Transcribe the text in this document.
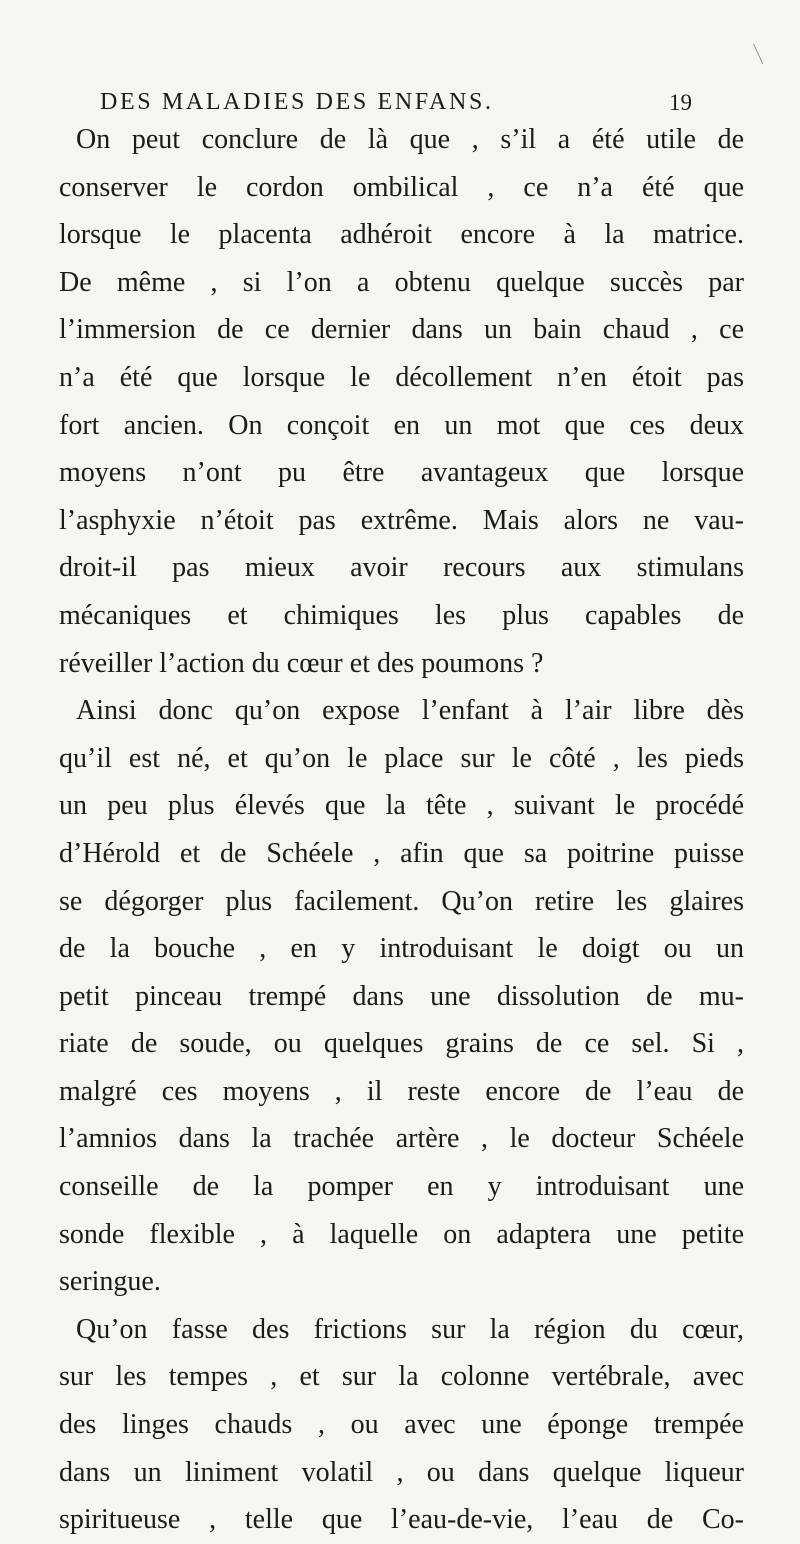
DES MALADIES DES ENFANS.	19
On peut conclure de là que , s’il a été utile de
conserver le cordon ombilical , ce n’a été que
lorsque le placenta adhéroit encore à la matrice.
De même , si l’on a obtenu quelque succès par
l’immersion de ce dernier dans un bain chaud , ce
n’a été que lorsque le décollement n’en étoit pas
fort ancien. On conçoit en un mot que ces deux
moyens n’ont pu être avantageux que lorsque
l’asphyxie n’étoit pas extrême. Mais alors ne vau-
droit-il pas mieux avoir recours aux stimulans
mécaniques et chimiques les plus capables de
réveiller l’action du cœur et des poumons ?
Ainsi donc qu’on expose l’enfant à l’air libre dès
qu’il est né, et qu’on le place sur le côté , les pieds
un peu plus élevés que la tête , suivant le procédé
d’Hérold et de Schéele , afin que sa poitrine puisse
se dégorger plus facilement. Qu’on retire les glaires
de la bouche , en y introduisant le doigt ou un
petit pinceau trempé dans une dissolution de mu-
riate de soude, ou quelques grains de ce sel. Si ,
malgré ces moyens , il reste encore de l’eau de
l’amnios dans la trachée artère , le docteur Schéele
conseille de la pomper en y introduisant une
sonde flexible , à laquelle on adaptera une petite
seringue.
Qu’on fasse des frictions sur la région du cœur,
sur les tempes , et sur la colonne vertébrale, avec
des linges chauds , ou avec une éponge trempée
dans un liniment volatil , ou dans quelque liqueur
spiritueuse , telle que l’eau-de-vie, l’eau de Co-
